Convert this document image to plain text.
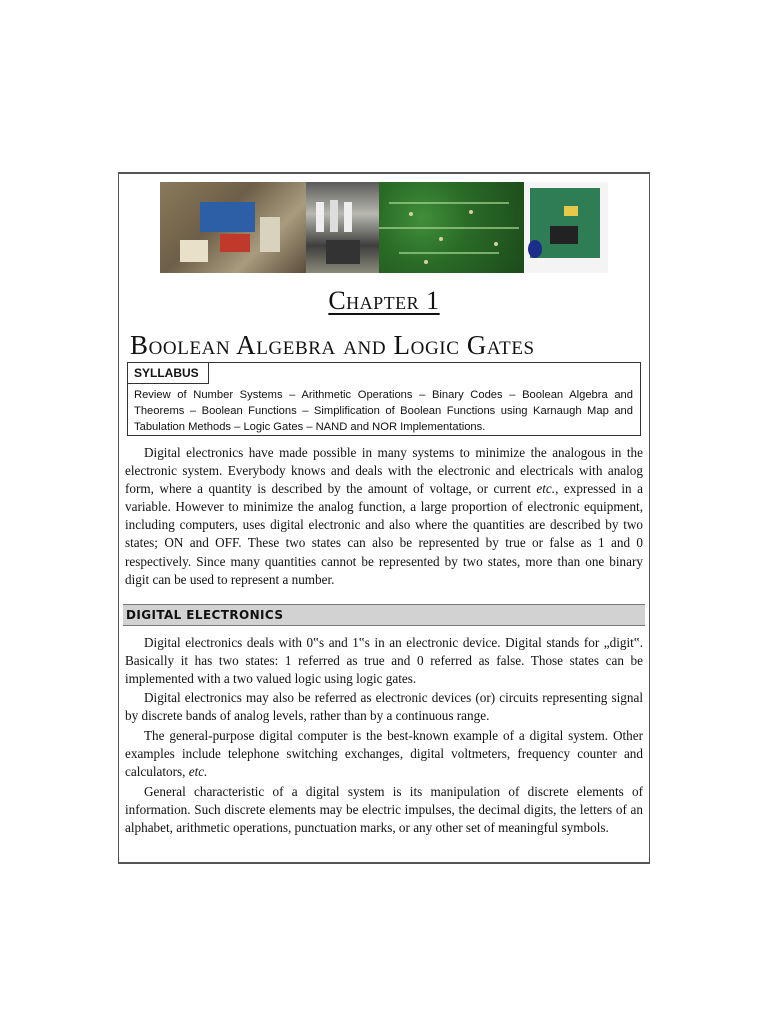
Chapter 1
Boolean Algebra and Logic Gates
SYLLABUS
Review of Number Systems – Arithmetic Operations – Binary Codes – Boolean Algebra and Theorems – Boolean Functions – Simplification of Boolean Functions using Karnaugh Map and Tabulation Methods – Logic Gates – NAND and NOR Implementations.

Digital electronics have made possible in many systems to minimize the analogous in the electronic system. Everybody knows and deals with the electronic and electricals with analog form, where a quantity is described by the amount of voltage, or current etc., expressed in a variable. However to minimize the analog function, a large proportion of electronic equipment, including computers, uses digital electronic and also where the quantities are described by two states; ON and OFF. These two states can also be represented by true or false as 1 and 0 respectively. Since many quantities cannot be represented by two states, more than one binary digit can be used to represent a number.

DIGITAL ELECTRONICS

Digital electronics deals with 0‟s and 1‟s in an electronic device. Digital stands for „digit‟. Basically it has two states: 1 referred as true and 0 referred as false. Those states can be implemented with a two valued logic using logic gates.

Digital electronics may also be referred as electronic devices (or) circuits representing signal by discrete bands of analog levels, rather than by a continuous range.

The general-purpose digital computer is the best-known example of a digital system. Other examples include telephone switching exchanges, digital voltmeters, frequency counter and calculators, etc.

General characteristic of a digital system is its manipulation of discrete elements of information. Such discrete elements may be electric impulses, the decimal digits, the letters of an alphabet, arithmetic operations, punctuation marks, or any other set of meaningful symbols.
